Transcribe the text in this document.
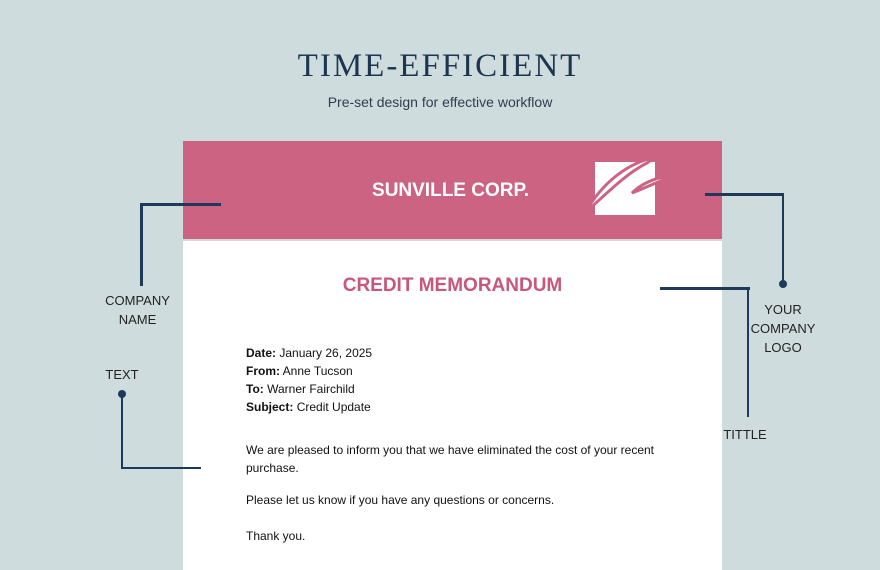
TIME-EFFICIENT
Pre-set design for effective workflow
SUNVILLE CORP.
CREDIT MEMORANDUM
Date: January 26, 2025
From: Anne Tucson
To: Warner Fairchild
Subject: Credit Update
We are pleased to inform you that we have eliminated the cost of your recent purchase.
Please let us know if you have any questions or concerns.
Thank you.
COMPANY NAME
TEXT
YOUR COMPANY LOGO
TITTLE
